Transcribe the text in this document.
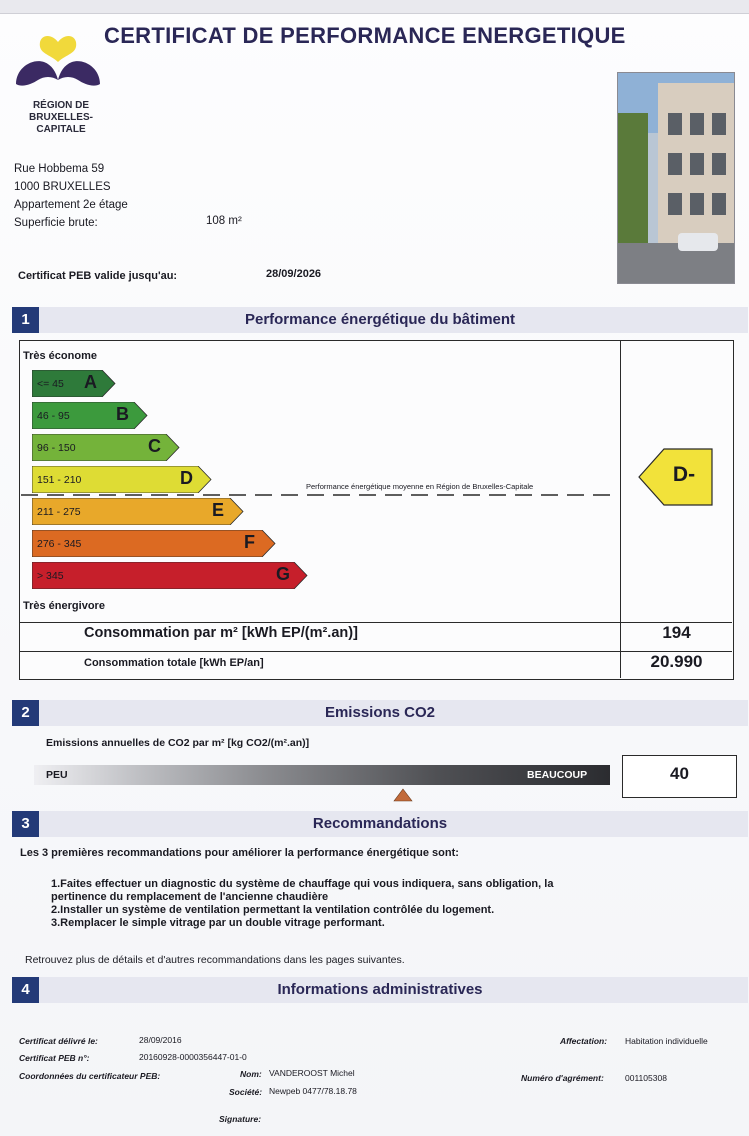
RÉGION DE
BRUXELLES-
CAPITALE
CERTIFICAT DE PERFORMANCE ENERGETIQUE
Rue Hobbema 59
1000 BRUXELLES
Appartement 2e étage
Superficie brute:	108 m²
Certificat PEB valide jusqu'au:	28/09/2026
1	Performance énergétique du bâtiment
Très économe
Très énergivore
<= 45 A
46 - 95	B
96 - 150	C
151 - 210	D
211 - 275	E
276 - 345	F
> 345	G
Performance énergétique moyenne en Région de Bruxelles-Capitale
D-
Consommation par m² [kWh EP/(m².an)]	194
Consommation totale [kWh EP/an]	20.990
2	Emissions CO2
Emissions annuelles de CO2 par m² [kg CO2/(m².an)]
PEU	BEAUCOUP	40
3	Recommandations
Les 3 premières recommandations pour améliorer la performance énergétique sont:
1.Faites effectuer un diagnostic du système de chauffage qui vous indiquera, sans obligation, la
pertinence du remplacement de l'ancienne chaudière
2.Installer un système de ventilation permettant la ventilation contrôlée du logement.
3.Remplacer le simple vitrage par un double vitrage performant.
Retrouvez plus de détails et d'autres recommandations dans les pages suivantes.
4	Informations administratives
Certificat délivré le:	28/09/2016
Certificat PEB n°:	20160928-0000356447-01-0
Coordonnées du certificateur PEB:	Nom: VANDEROOST Michel
Société: Newpeb 0477/78.18.78
Signature:
Affectation: Habitation individuelle
Numéro d'agrément: 001105308
